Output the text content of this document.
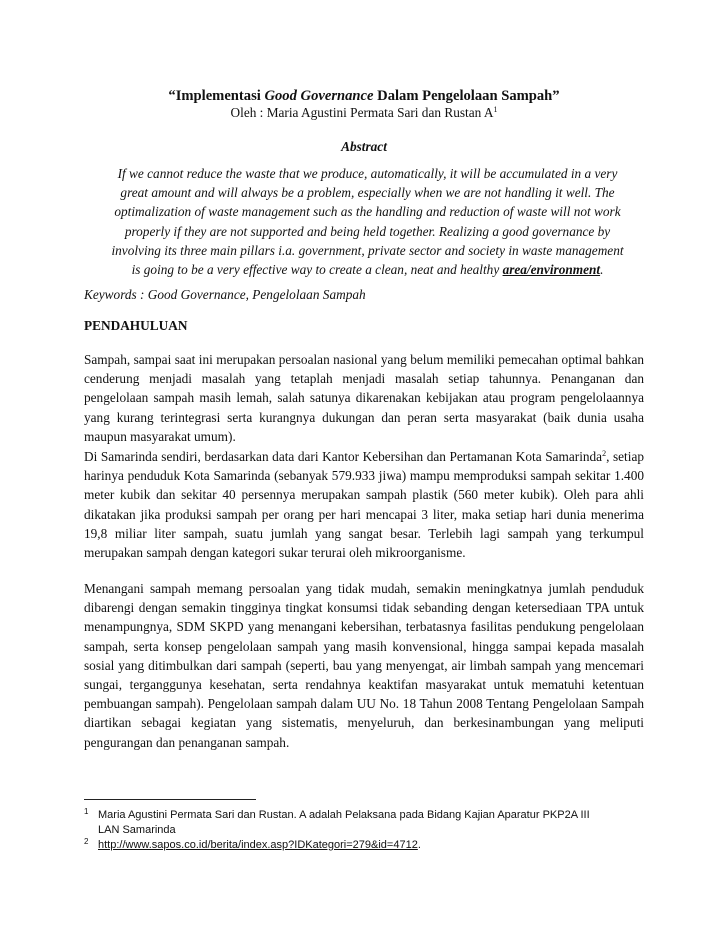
“Implementasi Good Governance Dalam Pengelolaan Sampah”
Oleh : Maria Agustini Permata Sari dan Rustan $A^1$
Abstract
If we cannot reduce the waste that we produce, automatically, it will be accumulated in a very
great amount and will always be a problem, especially when we are not handling it well. The
optimalization of waste management such as the handling and reduction of waste will not work
properly if they are not supported and being held together. Realizing a good governance by
involving its three main pillars i.a. government, private sector and society in waste management
is going to be a very effective way to create a clean, neat and healthy area/environment.
Keywords : Good Governance, Pengelolaan Sampah
PENDAHULUAN

Sampah, sampai saat ini merupakan persoalan nasional yang belum memiliki pemecahan optimal bahkan cenderung menjadi masalah yang tetaplah menjadi masalah setiap tahunnya. Penanganan dan pengelolaan sampah masih lemah, salah satunya dikarenakan kebijakan atau program pengelolaannya yang kurang terintegrasi serta kurangnya dukungan dan peran serta masyarakat (baik dunia usaha maupun masyarakat umum).

Di Samarinda sendiri, berdasarkan data dari Kantor Kebersihan dan Pertamanan Kota Samarinda$^2$, setiap harinya penduduk Kota Samarinda (sebanyak 579.933 jiwa) mampu memproduksi sampah sekitar 1.400 meter kubik dan sekitar 40 persennya merupakan sampah plastik (560 meter kubik). Oleh para ahli dikatakan jika produksi sampah per orang per hari mencapai 3 liter, maka setiap hari dunia menerima 19,8 miliar liter sampah, suatu jumlah yang sangat besar. Terlebih lagi sampah yang terkumpul merupakan sampah dengan kategori sukar terurai oleh mikroorganisme.

Menangani sampah memang persoalan yang tidak mudah, semakin meningkatnya jumlah penduduk dibarengi dengan semakin tingginya tingkat konsumsi tidak sebanding dengan ketersediaan TPA untuk menampungnya, SDM SKPD yang menangani kebersihan, terbatasnya fasilitas pendukung pengelolaan sampah, serta konsep pengelolaan sampah yang masih konvensional, hingga sampai kepada masalah sosial yang ditimbulkan dari sampah (seperti, bau yang menyengat, air limbah sampah yang mencemari sungai, terganggunya kesehatan, serta rendahnya keaktifan masyarakat untuk mematuhi ketentuan pembuangan sampah). Pengelolaan sampah dalam UU No. 18 Tahun 2008 Tentang Pengelolaan Sampah diartikan sebagai kegiatan yang sistematis, menyeluruh, dan berkesinambungan yang meliputi pengurangan dan penanganan sampah.

1 Maria Agustini Permata Sari dan Rustan. A adalah Pelaksana pada Bidang Kajian Aparatur PKP2A III
LAN Samarinda
2 http://www.sapos.co.id/berita/index.asp?IDKategori=279&id=4712.
